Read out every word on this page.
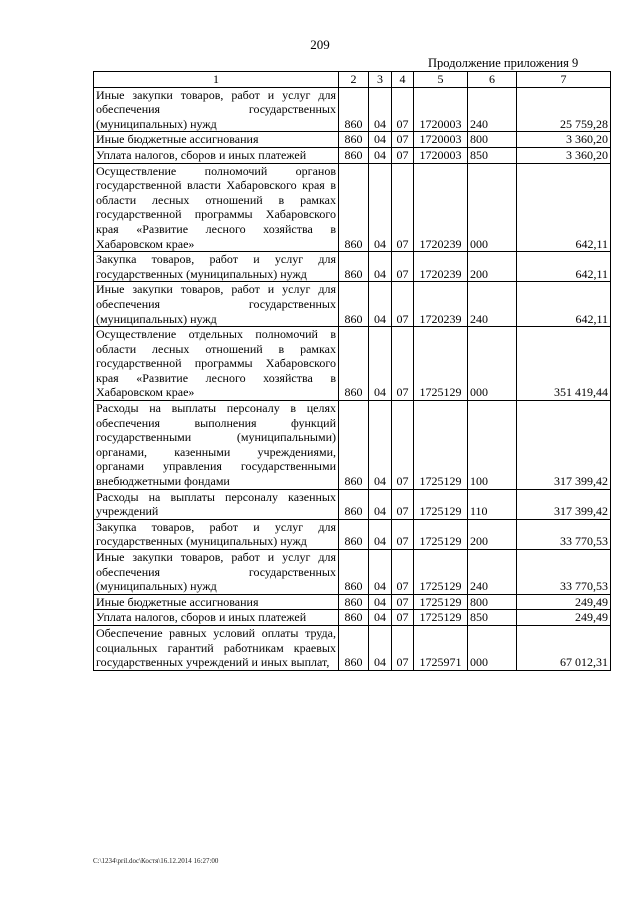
209
Продолжение приложения 9
1	2	3	4	5	6	7
Иные закупки товаров, работ и услуг для обеспечения государственных (муниципальных) нужд	860	04	07	1720003	240	25 759,28
Иные бюджетные ассигнования	860	04	07	1720003	800	3 360,20
Уплата налогов, сборов и иных платежей	860	04	07	1720003	850	3 360,20
Осуществление полномочий органов государственной власти Хабаровского края в области лесных отношений в рамках государственной программы Хабаровского края «Развитие лесного хозяйства в Хабаровском крае»	860	04	07	1720239	000	642,11
Закупка товаров, работ и услуг для государственных (муниципальных) нужд	860	04	07	1720239	200	642,11
Иные закупки товаров, работ и услуг для обеспечения государственных (муниципальных) нужд	860	04	07	1720239	240	642,11
Осуществление отдельных полномочий в области лесных отношений в рамках государственной программы Хабаровского края «Развитие лесного хозяйства в Хабаровском крае»	860	04	07	1725129	000	351 419,44
Расходы на выплаты персоналу в целях обеспечения выполнения функций государственными (муниципальными) органами, казенными учреждениями, органами управления государственными внебюджетными фондами	860	04	07	1725129	100	317 399,42
Расходы на выплаты персоналу казенных учреждений	860	04	07	1725129	110	317 399,42
Закупка товаров, работ и услуг для государственных (муниципальных) нужд	860	04	07	1725129	200	33 770,53
Иные закупки товаров, работ и услуг для обеспечения государственных (муниципальных) нужд	860	04	07	1725129	240	33 770,53
Иные бюджетные ассигнования	860	04	07	1725129	800	249,49
Уплата налогов, сборов и иных платежей	860	04	07	1725129	850	249,49
Обеспечение равных условий оплаты труда, социальных гарантий работникам краевых государственных учреждений и иных выплат,	860	04	07	1725971	000	67 012,31
C:\1234\pril.doc\Костя\16.12.2014 16:27:00
